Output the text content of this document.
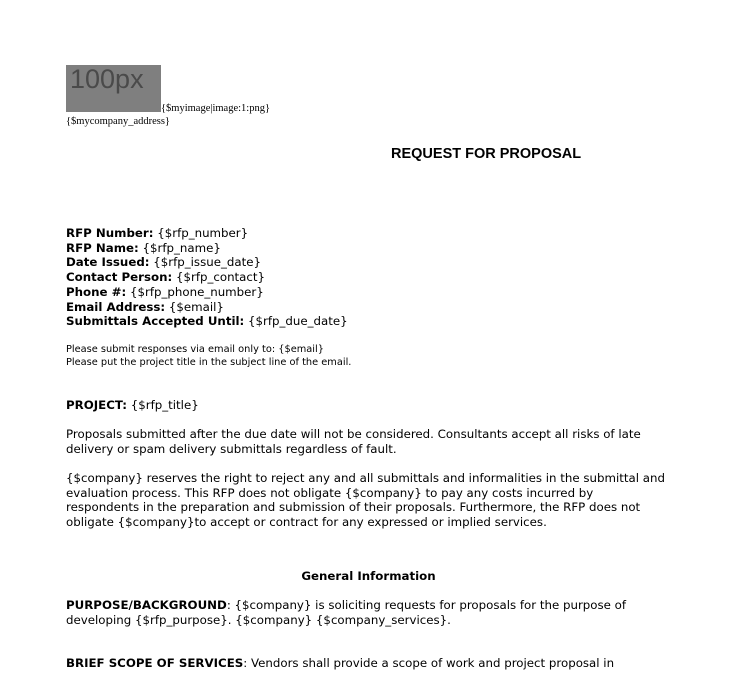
100px
{$myimage|image:1:png}
{$mycompany_address}
REQUEST FOR PROPOSAL
RFP Number: {$rfp_number}
RFP Name: {$rfp_name}
Date Issued: {$rfp_issue_date}
Contact Person: {$rfp_contact}
Phone #: {$rfp_phone_number}
Email Address: {$email}
Submittals Accepted Until: {$rfp_due_date}
Please submit responses via email only to: {$email}
Please put the project title in the subject line of the email.
PROJECT: {$rfp_title}
Proposals submitted after the due date will not be considered. Consultants accept all risks of late delivery or spam delivery submittals regardless of fault.
{$company} reserves the right to reject any and all submittals and informalities in the submittal and evaluation process. This RFP does not obligate {$company} to pay any costs incurred by respondents in the preparation and submission of their proposals. Furthermore, the RFP does not obligate {$company}to accept or contract for any expressed or implied services.
General Information
PURPOSE/BACKGROUND: {$company} is soliciting requests for proposals for the purpose of developing {$rfp_purpose}. {$company} {$company_services}.
BRIEF SCOPE OF SERVICES: Vendors shall provide a scope of work and project proposal in
